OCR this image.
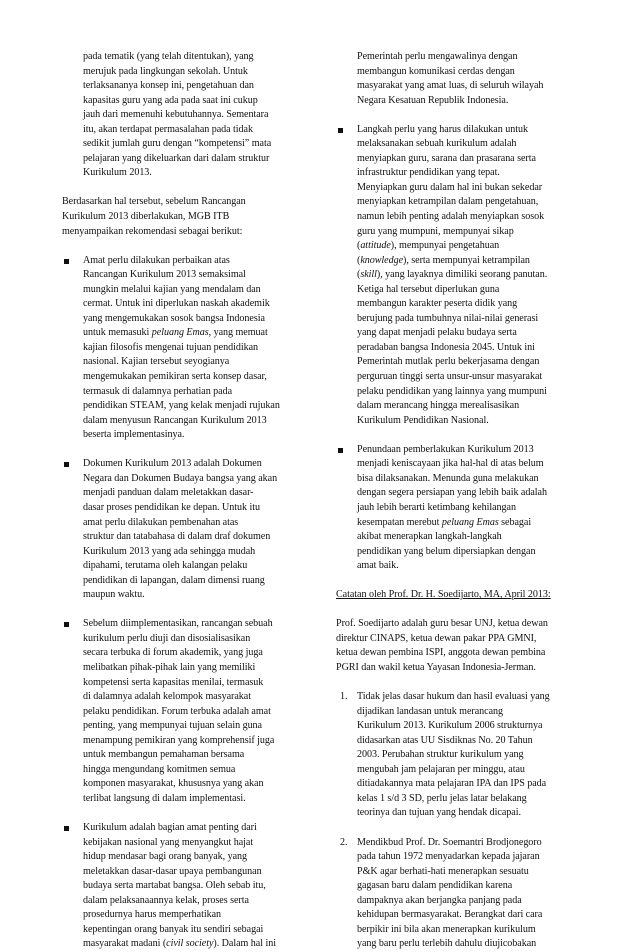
pada tematik (yang telah ditentukan), yang
merujuk pada lingkungan sekolah. Untuk
terlaksananya konsep ini, pengetahuan dan
kapasitas guru yang ada pada saat ini cukup
jauh dari memenuhi kebutuhannya. Sementara
itu, akan terdapat permasalahan pada tidak
sedikit jumlah guru dengan “kompetensi” mata
pelajaran yang dikeluarkan dari dalam struktur
Kurikulum 2013.
Berdasarkan hal tersebut, sebelum Rancangan
Kurikulum 2013 diberlakukan, MGB ITB
menyampaikan rekomendasi sebagai berikut:
Amat perlu dilakukan perbaikan atas
Rancangan Kurikulum 2013 semaksimal
mungkin melalui kajian yang mendalam dan
cermat. Untuk ini diperlukan naskah akademik
yang mengemukakan sosok bangsa Indonesia
untuk memasuki peluang Emas, yang memuat
kajian filosofis mengenai tujuan pendidikan
nasional. Kajian tersebut seyogianya
mengemukakan pemikiran serta konsep dasar,
termasuk di dalamnya perhatian pada
pendidikan STEAM, yang kelak menjadi rujukan
dalam menyusun Rancangan Kurikulum 2013
beserta implementasinya.
Dokumen Kurikulum 2013 adalah Dokumen
Negara dan Dokumen Budaya bangsa yang akan
menjadi panduan dalam meletakkan dasar-
dasar proses pendidikan ke depan. Untuk itu
amat perlu dilakukan pembenahan atas
struktur dan tatabahasa di dalam draf dokumen
Kurikulum 2013 yang ada sehingga mudah
dipahami, terutama oleh kalangan pelaku
pendidikan di lapangan, dalam dimensi ruang
maupun waktu.
Sebelum diimplementasikan, rancangan sebuah
kurikulum perlu diuji dan disosialisasikan
secara terbuka di forum akademik, yang juga
melibatkan pihak-pihak lain yang memiliki
kompetensi serta kapasitas menilai, termasuk
di dalamnya adalah kelompok masyarakat
pelaku pendidikan. Forum terbuka adalah amat
penting, yang mempunyai tujuan selain guna
menampung pemikiran yang komprehensif juga
untuk membangun pemahaman bersama
hingga mengundang komitmen semua
komponen masyarakat, khususnya yang akan
terlibat langsung di dalam implementasi.
Kurikulum adalah bagian amat penting dari
kebijakan nasional yang menyangkut hajat
hidup mendasar bagi orang banyak, yang
meletakkan dasar-dasar upaya pembangunan
budaya serta martabat bangsa. Oleh sebab itu,
dalam pelaksanaannya kelak, proses serta
prosedurnya harus memperhatikan
kepentingan orang banyak itu sendiri sebagai
masyarakat madani (civil society). Dalam hal ini
Pemerintah perlu mengawalinya dengan
membangun komunikasi cerdas dengan
masyarakat yang amat luas, di seluruh wilayah
Negara Kesatuan Republik Indonesia.
Langkah perlu yang harus dilakukan untuk
melaksanakan sebuah kurikulum adalah
menyiapkan guru, sarana dan prasarana serta
infrastruktur pendidikan yang tepat.
Menyiapkan guru dalam hal ini bukan sekedar
menyiapkan ketrampilan dalam pengetahuan,
namun lebih penting adalah menyiapkan sosok
guru yang mumpuni, mempunyai sikap
(attitude), mempunyai pengetahuan
(knowledge), serta mempunyai ketrampilan
(skill), yang layaknya dimiliki seorang panutan.
Ketiga hal tersebut diperlukan guna
membangun karakter peserta didik yang
berujung pada tumbuhnya nilai-nilai generasi
yang dapat menjadi pelaku budaya serta
peradaban bangsa Indonesia 2045. Untuk ini
Pemerintah mutlak perlu bekerjasama dengan
perguruan tinggi serta unsur-unsur masyarakat
pelaku pendidikan yang lainnya yang mumpuni
dalam merancang hingga merealisasikan
Kurikulum Pendidikan Nasional.
Penundaan pemberlakukan Kurikulum 2013
menjadi keniscayaan jika hal-hal di atas belum
bisa dilaksanakan. Menunda guna melakukan
dengan segera persiapan yang lebih baik adalah
jauh lebih berarti ketimbang kehilangan
kesempatan merebut peluang Emas sebagai
akibat menerapkan langkah-langkah
pendidikan yang belum dipersiapkan dengan
amat baik.
Catatan oleh Prof. Dr. H. Soedijarto, MA, April 2013:
Prof. Soedijarto adalah guru besar UNJ, ketua dewan
direktur CINAPS, ketua dewan pakar PPA GMNI,
ketua dewan pembina ISPI, anggota dewan pembina
PGRI dan wakil ketua Yayasan Indonesia-Jerman.
1. Tidak jelas dasar hukum dan hasil evaluasi yang
dijadikan landasan untuk merancang
Kurikulum 2013. Kurikulum 2006 strukturnya
didasarkan atas UU Sisdiknas No. 20 Tahun
2003. Perubahan struktur kurikulum yang
mengubah jam pelajaran per minggu, atau
ditiadakannya mata pelajaran IPA dan IPS pada
kelas 1 s/d 3 SD, perlu jelas latar belakang
teorinya dan tujuan yang hendak dicapai.
2. Mendikbud Prof. Dr. Soemantri Brodjonegoro
pada tahun 1972 menyadarkan kepada jajaran
P&K agar berhati-hati menerapkan sesuatu
gagasan baru dalam pendidikan karena
dampaknya akan berjangka panjang pada
kehidupan bermasyarakat. Berangkat dari cara
berpikir ini bila akan menerapkan kurikulum
yang baru perlu terlebih dahulu diujicobakan
